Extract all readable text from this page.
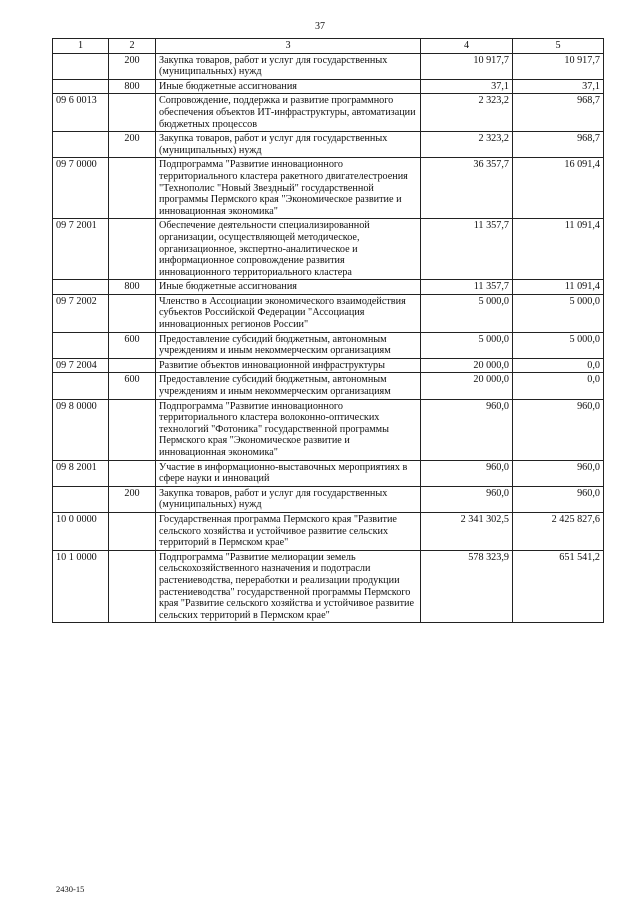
37
1	2	3	4	5
	200	Закупка товаров, работ и услуг для государственных (муниципальных) нужд	10 917,7	10 917,7
	800	Иные бюджетные ассигнования	37,1	37,1
09 6 0013		Сопровождение, поддержка и развитие программного обеспечения объектов ИТ-инфраструктуры, автоматизации бюджетных процессов	2 323,2	968,7
	200	Закупка товаров, работ и услуг для государственных (муниципальных) нужд	2 323,2	968,7
09 7 0000		Подпрограмма "Развитие инновационного территориального кластера ракетного двигателестроения "Технополис "Новый Звездный" государственной программы Пермского края "Экономическое развитие и инновационная экономика"	36 357,7	16 091,4
09 7 2001		Обеспечение деятельности специализированной организации, осуществляющей методическое, организационное, экспертно-аналитическое и информационное сопровождение развития инновационного территориального кластера	11 357,7	11 091,4
	800	Иные бюджетные ассигнования	11 357,7	11 091,4
09 7 2002		Членство в Ассоциации экономического взаимодействия субъектов Российской Федерации "Ассоциация инновационных регионов России"	5 000,0	5 000,0
	600	Предоставление субсидий бюджетным, автономным учреждениям и иным некоммерческим организациям	5 000,0	5 000,0
09 7 2004		Развитие объектов инновационной инфраструктуры	20 000,0	0,0
	600	Предоставление субсидий бюджетным, автономным учреждениям и иным некоммерческим организациям	20 000,0	0,0
09 8 0000		Подпрограмма "Развитие инновационного территориального кластера волоконно-оптических технологий "Фотоника" государственной программы Пермского края "Экономическое развитие и инновационная экономика"	960,0	960,0
09 8 2001		Участие в информационно-выставочных мероприятиях в сфере науки и инноваций	960,0	960,0
	200	Закупка товаров, работ и услуг для государственных (муниципальных) нужд	960,0	960,0
10 0 0000		Государственная программа Пермского края "Развитие сельского хозяйства и устойчивое развитие сельских территорий в Пермском крае"	2 341 302,5	2 425 827,6
10 1 0000		Подпрограмма "Развитие мелиорации земель сельскохозяйственного назначения и подотрасли растениеводства, переработки и реализации продукции растениеводства" государственной программы Пермского края "Развитие сельского хозяйства и устойчивое развитие сельских территорий в Пермском крае"	578 323,9	651 541,2
2430-15
